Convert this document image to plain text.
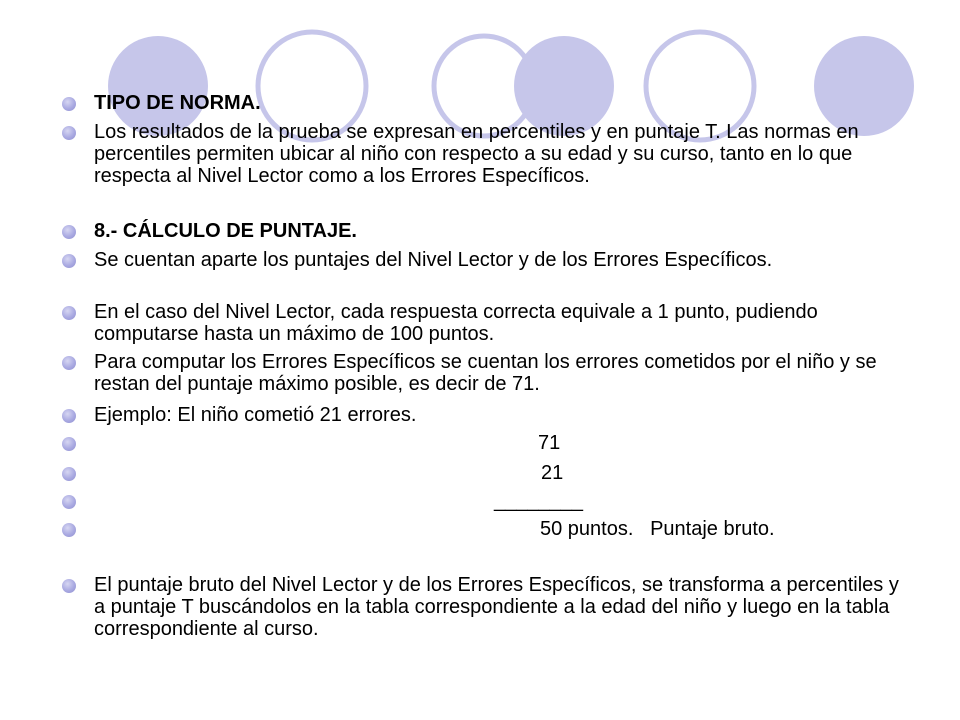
TIPO DE NORMA.
Los resultados de la prueba se expresan en percentiles y en puntaje T. Las normas en percentiles permiten ubicar al niño con respecto a su edad y su curso, tanto en lo que respecta al Nivel Lector como a los Errores Específicos.
8.- CÁLCULO DE PUNTAJE.
Se cuentan aparte los puntajes del Nivel Lector y de los Errores Específicos.
En el caso del Nivel Lector, cada respuesta correcta equivale a 1 punto, pudiendo computarse hasta un máximo de 100 puntos.
Para computar los Errores Específicos se cuentan los errores cometidos por el niño y se restan del puntaje máximo posible, es decir de 71.
Ejemplo: El niño cometió 21 errores.
71
21
________
50 puntos.   Puntaje bruto.
El puntaje bruto del Nivel Lector y de los Errores Específicos, se transforma a percentiles y a puntaje T buscándolos en la tabla correspondiente a la edad del niño y luego en la tabla correspondiente al curso.
